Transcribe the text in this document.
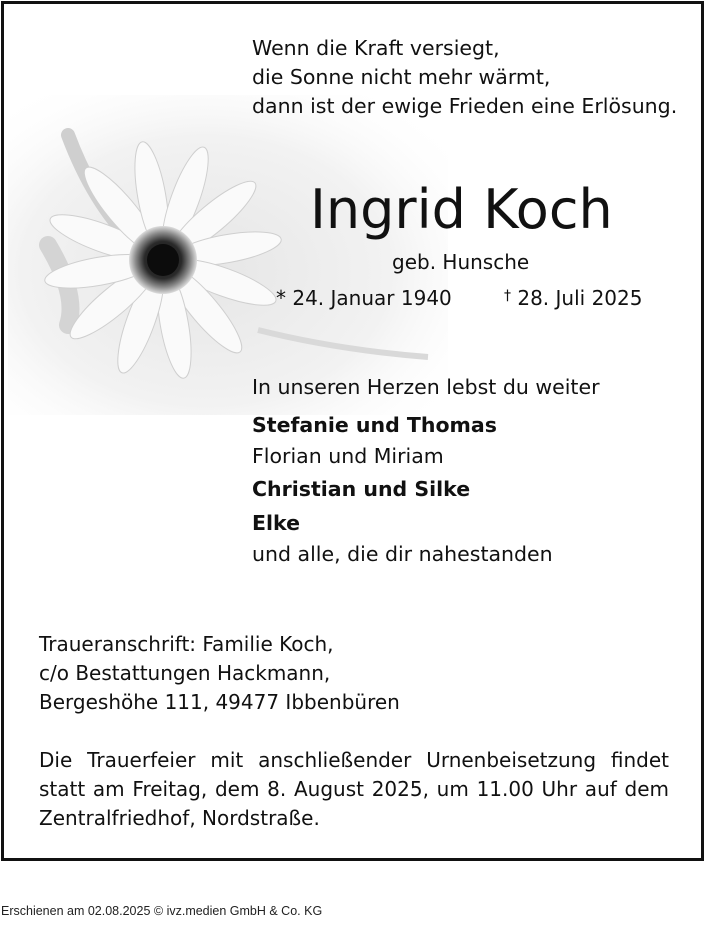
Wenn die Kraft versiegt,
die Sonne nicht mehr wärmt,
dann ist der ewige Frieden eine Erlösung.
Ingrid Koch
geb. Hunsche
* 24. Januar 1940	† 28. Juli 2025
In unseren Herzen lebst du weiter
Stefanie und Thomas
Florian und Miriam
Christian und Silke
Elke
und alle, die dir nahestanden
Traueranschrift: Familie Koch,
c/o Bestattungen Hackmann,
Bergeshöhe 111, 49477 Ibbenbüren
Die Trauerfeier mit anschließender Urnenbeisetzung findet statt am Freitag, dem 8. August 2025, um 11.00 Uhr auf dem Zentralfriedhof, Nordstraße.
Erschienen am 02.08.2025 © ivz.medien GmbH & Co. KG
